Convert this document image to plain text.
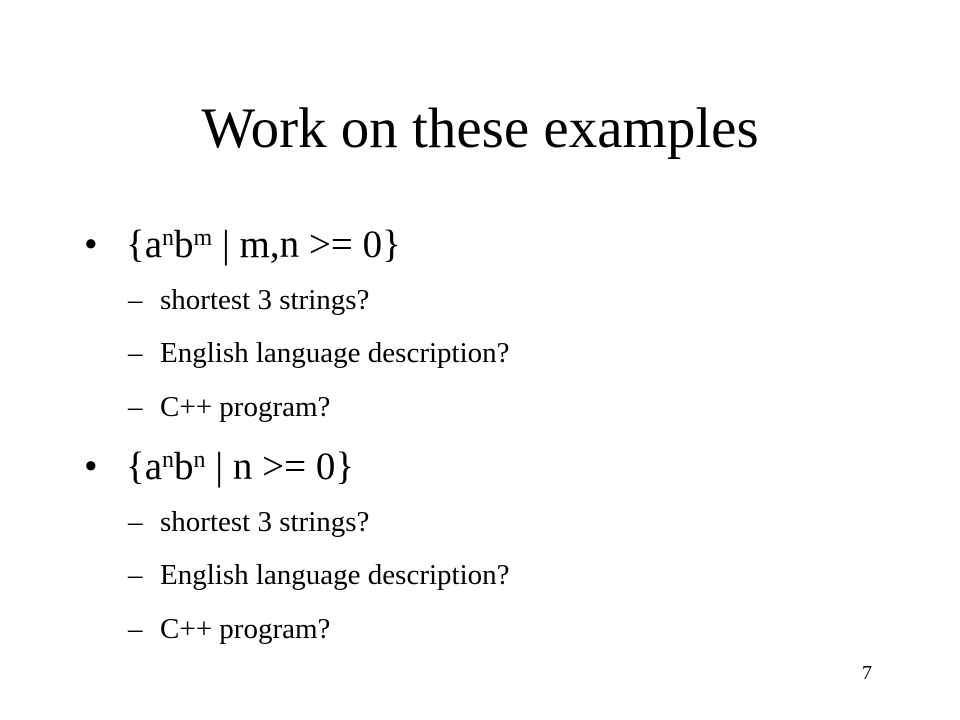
Work on these examples
• {$a^nb^m$ | m,n >= 0}
– shortest 3 strings?
– English language description?
– C++ program?
• {$a^nb^n$ | n >= 0}
– shortest 3 strings?
– English language description?
– C++ program?
7
